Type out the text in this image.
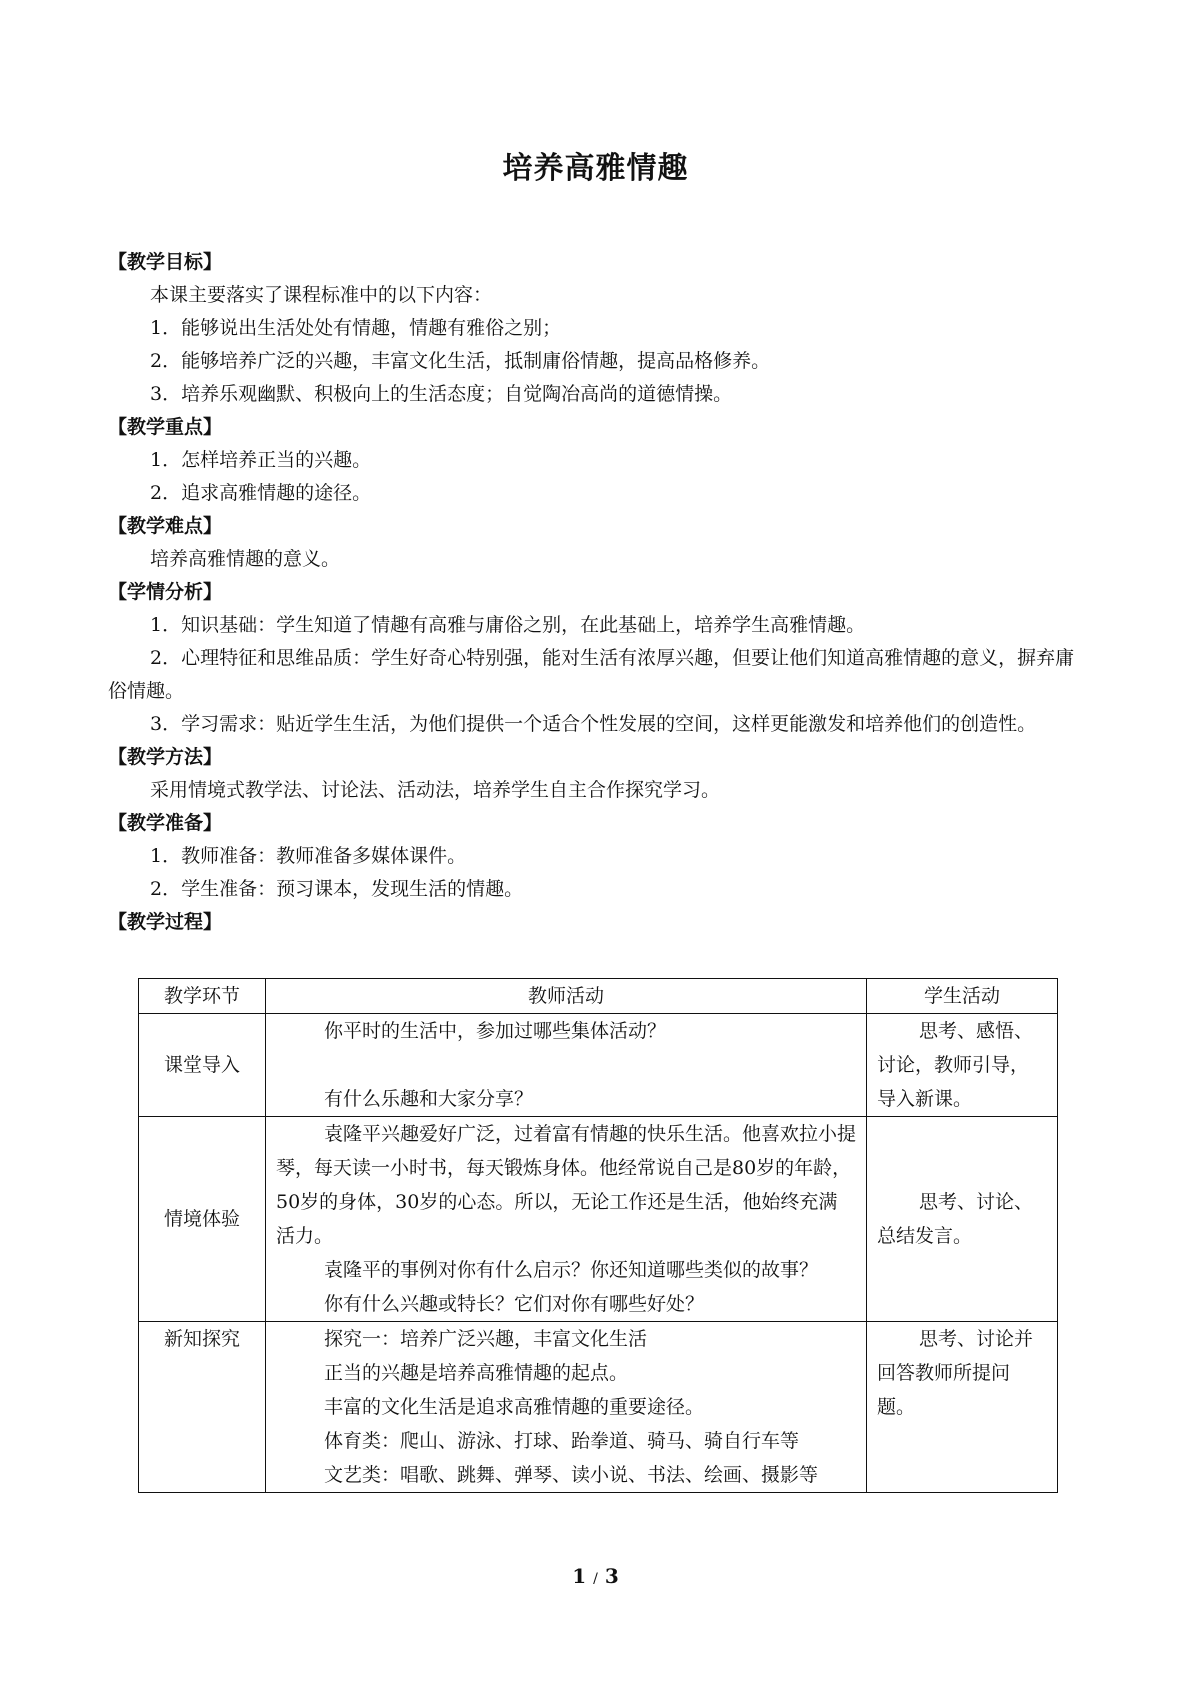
培养高雅情趣

【教学目标】

本课主要落实了课程标准中的以下内容：

1．能够说出生活处处有情趣，情趣有雅俗之别；

2．能够培养广泛的兴趣，丰富文化生活，抵制庸俗情趣，提高品格修养。

3．培养乐观幽默、积极向上的生活态度；自觉陶冶高尚的道德情操。

【教学重点】

1．怎样培养正当的兴趣。

2．追求高雅情趣的途径。

【教学难点】

培养高雅情趣的意义。

【学情分析】

1．知识基础：学生知道了情趣有高雅与庸俗之别，在此基础上，培养学生高雅情趣。

2．心理特征和思维品质：学生好奇心特别强，能对生活有浓厚兴趣，但要让他们知道高雅情趣的意义，摒弃庸俗情趣。

3．学习需求：贴近学生生活，为他们提供一个适合个性发展的空间，这样更能激发和培养他们的创造性。

【教学方法】

采用情境式教学法、讨论法、活动法，培养学生自主合作探究学习。

【教学准备】

1．教师准备：教师准备多媒体课件。

2．学生准备：预习课本，发现生活的情趣。

【教学过程】

教学环节	教师活动	学生活动
课堂导入	你平时的生活中，参加过哪些集体活动？
有什么乐趣和大家分享？	思考、感悟、讨论，教师引导，导入新课。

情境体验	袁隆平兴趣爱好广泛，过着富有情趣的快乐生活。他喜欢拉小提琴，每天读一小时书，每天锻炼身体。他经常说自己是80岁的年龄，50岁的身体，30岁的心态。所以，无论工作还是生活，他始终充满活力。
袁隆平的事例对你有什么启示？你还知道哪些类似的故事？
你有什么兴趣或特长？它们对你有哪些好处？	思考、讨论、总结发言。

新知探究	探究一：培养广泛兴趣，丰富文化生活
正当的兴趣是培养高雅情趣的起点。
丰富的文化生活是追求高雅情趣的重要途径。
体育类：爬山、游泳、打球、跆拳道、骑马、骑自行车等
文艺类：唱歌、跳舞、弹琴、读小说、书法、绘画、摄影等	思考、讨论并回答教师所提问题。
1 / 3
